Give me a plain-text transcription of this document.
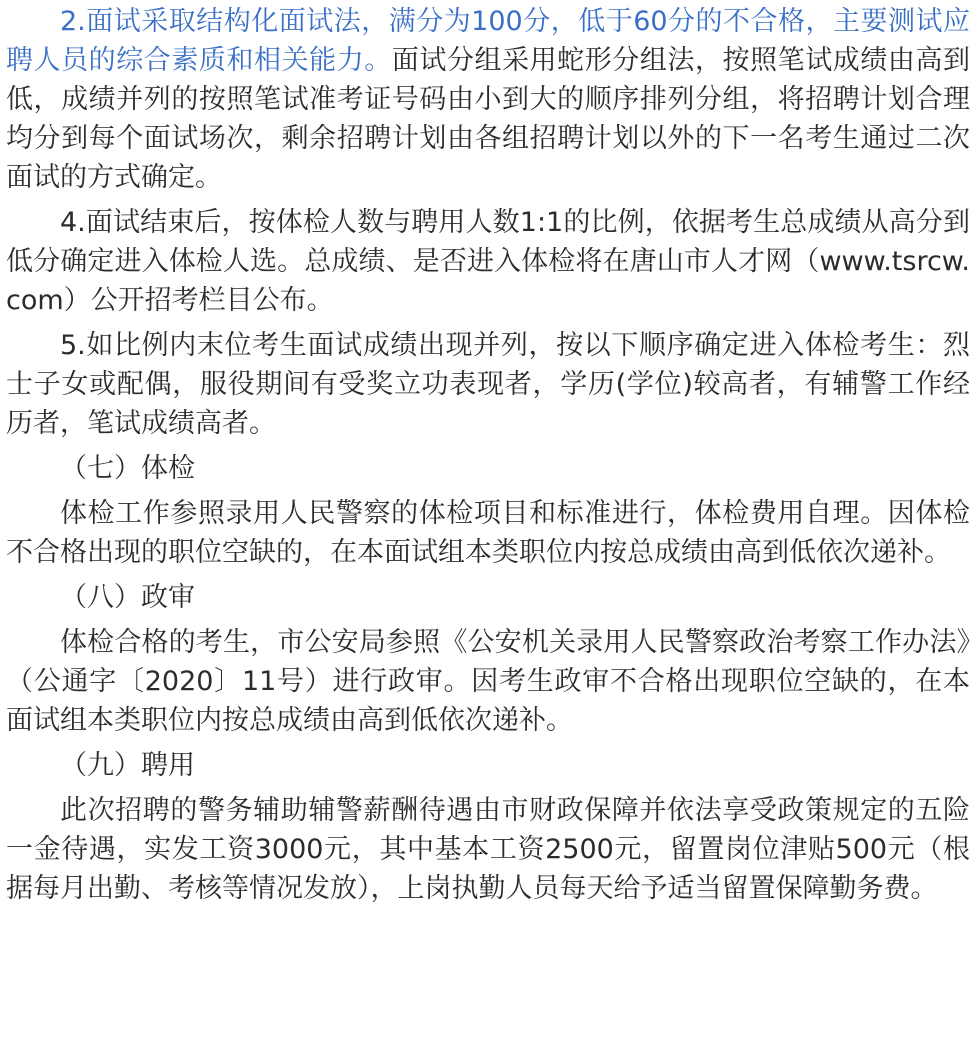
2.面试采取结构化面试法，满分为100分，低于60分的不合格，主要测试应聘人员的综合素质和相关能力。面试分组采用蛇形分组法，按照笔试成绩由高到低，成绩并列的按照笔试准考证号码由小到大的顺序排列分组，将招聘计划合理均分到每个面试场次，剩余招聘计划由各组招聘计划以外的下一名考生通过二次面试的方式确定。

4.面试结束后，按体检人数与聘用人数1:1的比例，依据考生总成绩从高分到低分确定进入体检人选。总成绩、是否进入体检将在唐山市人才网（www.tsrcw.com）公开招考栏目公布。

5.如比例内末位考生面试成绩出现并列，按以下顺序确定进入体检考生：烈士子女或配偶，服役期间有受奖立功表现者，学历(学位)较高者，有辅警工作经历者，笔试成绩高者。

（七）体检

体检工作参照录用人民警察的体检项目和标准进行，体检费用自理。因体检不合格出现的职位空缺的，在本面试组本类职位内按总成绩由高到低依次递补。

（八）政审

体检合格的考生，市公安局参照《公安机关录用人民警察政治考察工作办法》（公通字〔2020〕11号）进行政审。因考生政审不合格出现职位空缺的，在本面试组本类职位内按总成绩由高到低依次递补。

（九）聘用

此次招聘的警务辅助辅警薪酬待遇由市财政保障并依法享受政策规定的五险一金待遇，实发工资3000元，其中基本工资2500元，留置岗位津贴500元（根据每月出勤、考核等情况发放），上岗执勤人员每天给予适当留置保障勤务费。
